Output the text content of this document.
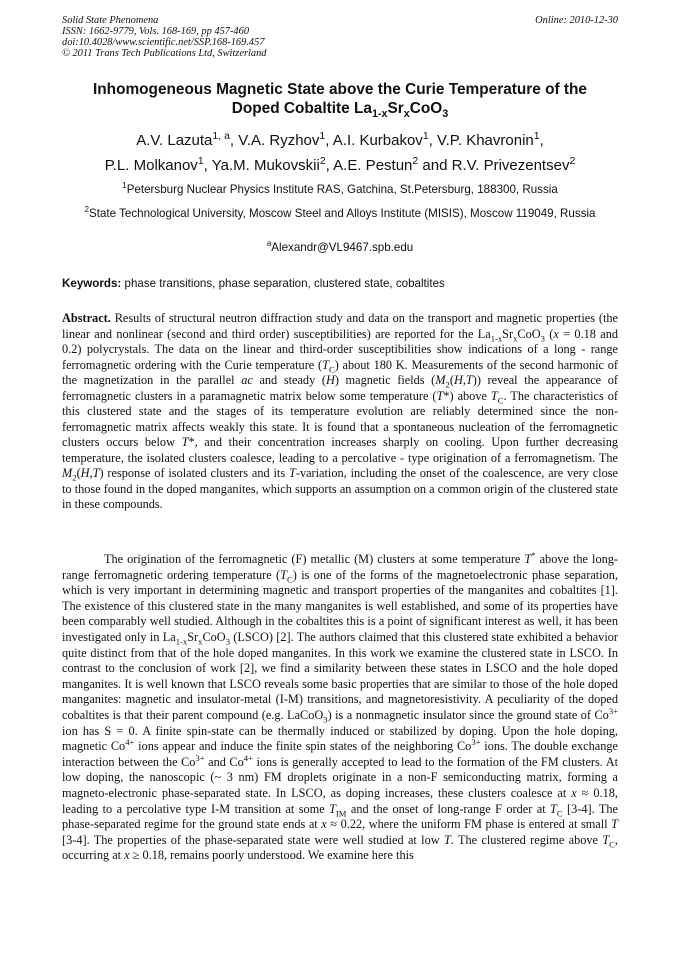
Solid State Phenomena
ISSN: 1662-9779, Vols. 168-169, pp 457-460
doi:10.4028/www.scientific.net/SSP.168-169.457
© 2011 Trans Tech Publications Ltd, Switzerland
Online: 2010-12-30
Inhomogeneous Magnetic State above the Curie Temperature of the
Doped Cobaltite $La_{1-x}Sr_xCoO_3$
A.V. Lazuta$^{1, a}$, V.A. Ryzhov$^1$, A.I. Kurbakov$^1$, V.P. Khavronin$^1$,
P.L. Molkanov$^1$, Ya.M. Mukovskii$^2$, A.E. Pestun$^2$ and R.V. Privezentsev$^2$
$^1$Petersburg Nuclear Physics Institute RAS, Gatchina, St.Petersburg, 188300, Russia
$^2$State Technological University, Moscow Steel and Alloys Institute (MISIS), Moscow 119049, Russia
$^a$Alexandr@VL9467.spb.edu
Keywords: phase transitions, phase separation, clustered state, cobaltites
Abstract. Results of structural neutron diffraction study and data on the transport and magnetic properties (the linear and nonlinear (second and third order) susceptibilities) are reported for the $La_{1-x}Sr_xCoO_3$ (x = 0.18 and 0.2) polycrystals. The data on the linear and third-order susceptibilities show indications of a long - range ferromagnetic ordering with the Curie temperature $(T_C)$ about 180 K. Measurements of the second harmonic of the magnetization in the parallel ac and steady (H) magnetic fields $(M_2(H,T))$ reveal the appearance of ferromagnetic clusters in a paramagnetic matrix below some temperature (T*) above $T_C$. The characteristics of this clustered state and the stages of its temperature evolution are reliably determined since the non-ferromagnetic matrix affects weakly this state. It is found that a spontaneous nucleation of the ferromagnetic clusters occurs below T*, and their concentration increases sharply on cooling. Upon further decreasing temperature, the isolated clusters coalesce, leading to a percolative - type origination of a ferromagnetism. The $M_2(H,T)$ response of isolated clusters and its T-variation, including the onset of the coalescence, are very close to those found in the doped manganites, which supports an assumption on a common origin of the clustered state in these compounds.
The origination of the ferromagnetic (F) metallic (M) clusters at some temperature T* above the long-range ferromagnetic ordering temperature $(T_C)$ is one of the forms of the magnetoelectronic phase separation, which is very important in determining magnetic and transport properties of the manganites and cobaltites [1]. The existence of this clustered state in the many manganites is well established, and some of its properties have been comparably well studied. Although in the cobaltites this is a point of significant interest as well, it has been investigated only in $La_{1-x}Sr_xCoO_3$ (LSCO) [2]. The authors claimed that this clustered state exhibited a behavior quite distinct from that of the hole doped manganites. In this work we examine the clustered state in LSCO. In contrast to the conclusion of work [2], we find a similarity between these states in LSCO and the hole doped manganites. It is well known that LSCO reveals some basic properties that are similar to those of the hole doped manganites: magnetic and insulator-metal (I-M) transitions, and magnetoresistivity. A peculiarity of the doped cobaltites is that their parent compound (e.g. LaCoO$_3$) is a nonmagnetic insulator since the ground state of $Co^{3+}$ ion has S = 0. A finite spin-state can be thermally induced or stabilized by doping. Upon the hole doping, magnetic $Co^{4+}$ ions appear and induce the finite spin states of the neighboring $Co^{3+}$ ions. The double exchange interaction between the $Co^{3+}$ and $Co^{4+}$ ions is generally accepted to lead to the formation of the FM clusters. At low doping, the nanoscopic (~ 3 nm) FM droplets originate in a non-F semiconducting matrix, forming a magneto-electronic phase-separated state. In LSCO, as doping increases, these clusters coalesce at x ≈ 0.18, leading to a percolative type I-M transition at some $T_{IM}$ and the onset of long-range F order at $T_C$ [3-4]. The phase-separated regime for the ground state ends at x ≈ 0.22, where the uniform FM phase is entered at small T [3-4]. The properties of the phase-separated state were well studied at low T. The clustered regime above $T_C$, occurring at x ≥ 0.18, remains poorly understood. We examine here this
